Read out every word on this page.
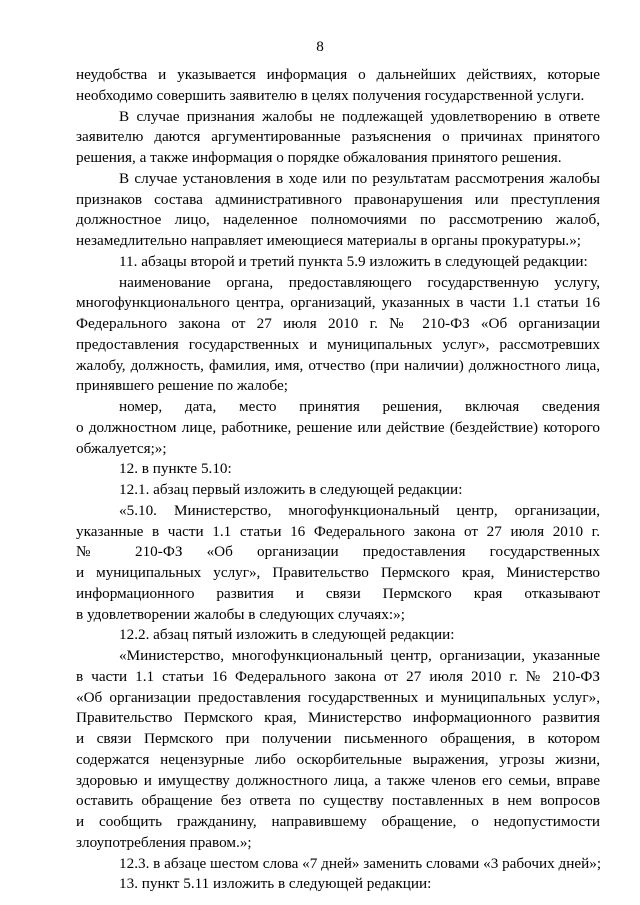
8
неудобства и указывается информация о дальнейших действиях, которые
необходимо совершить заявителю в целях получения государственной услуги.
В случае признания жалобы не подлежащей удовлетворению в ответе
заявителю даются аргументированные разъяснения о причинах принятого
решения, а также информация о порядке обжалования принятого решения.
В случае установления в ходе или по результатам рассмотрения жалобы
признаков состава административного правонарушения или преступления
должностное лицо, наделенное полномочиями по рассмотрению жалоб,
незамедлительно направляет имеющиеся материалы в органы прокуратуры.»;
11. абзацы второй и третий пункта 5.9 изложить в следующей редакции:
наименование органа, предоставляющего государственную услугу,
многофункционального центра, организаций, указанных в части 1.1 статьи 16
Федерального закона от 27 июля 2010 г. № 210-ФЗ «Об организации
предоставления государственных и муниципальных услуг», рассмотревших
жалобу, должность, фамилия, имя, отчество (при наличии) должностного лица,
принявшего решение по жалобе;
номер, дата, место принятия решения, включая сведения
о должностном лице, работнике, решение или действие (бездействие) которого
обжалуется;»;
12. в пункте 5.10:
12.1. абзац первый изложить в следующей редакции:
«5.10. Министерство, многофункциональный центр, организации,
указанные в части 1.1 статьи 16 Федерального закона от 27 июля 2010 г.
№ 210-ФЗ «Об организации предоставления государственных
и муниципальных услуг», Правительство Пермского края, Министерство
информационного развития и связи Пермского края отказывают
в удовлетворении жалобы в следующих случаях:»;
12.2. абзац пятый изложить в следующей редакции:
«Министерство, многофункциональный центр, организации, указанные
в части 1.1 статьи 16 Федерального закона от 27 июля 2010 г. № 210-ФЗ
«Об организации предоставления государственных и муниципальных услуг»,
Правительство Пермского края, Министерство информационного развития
и связи Пермского при получении письменного обращения, в котором
содержатся нецензурные либо оскорбительные выражения, угрозы жизни,
здоровью и имуществу должностного лица, а также членов его семьи, вправе
оставить обращение без ответа по существу поставленных в нем вопросов
и сообщить гражданину, направившему обращение, о недопустимости
злоупотребления правом.»;
12.3. в абзаце шестом слова «7 дней» заменить словами «3 рабочих дней»;
13. пункт 5.11 изложить в следующей редакции:
